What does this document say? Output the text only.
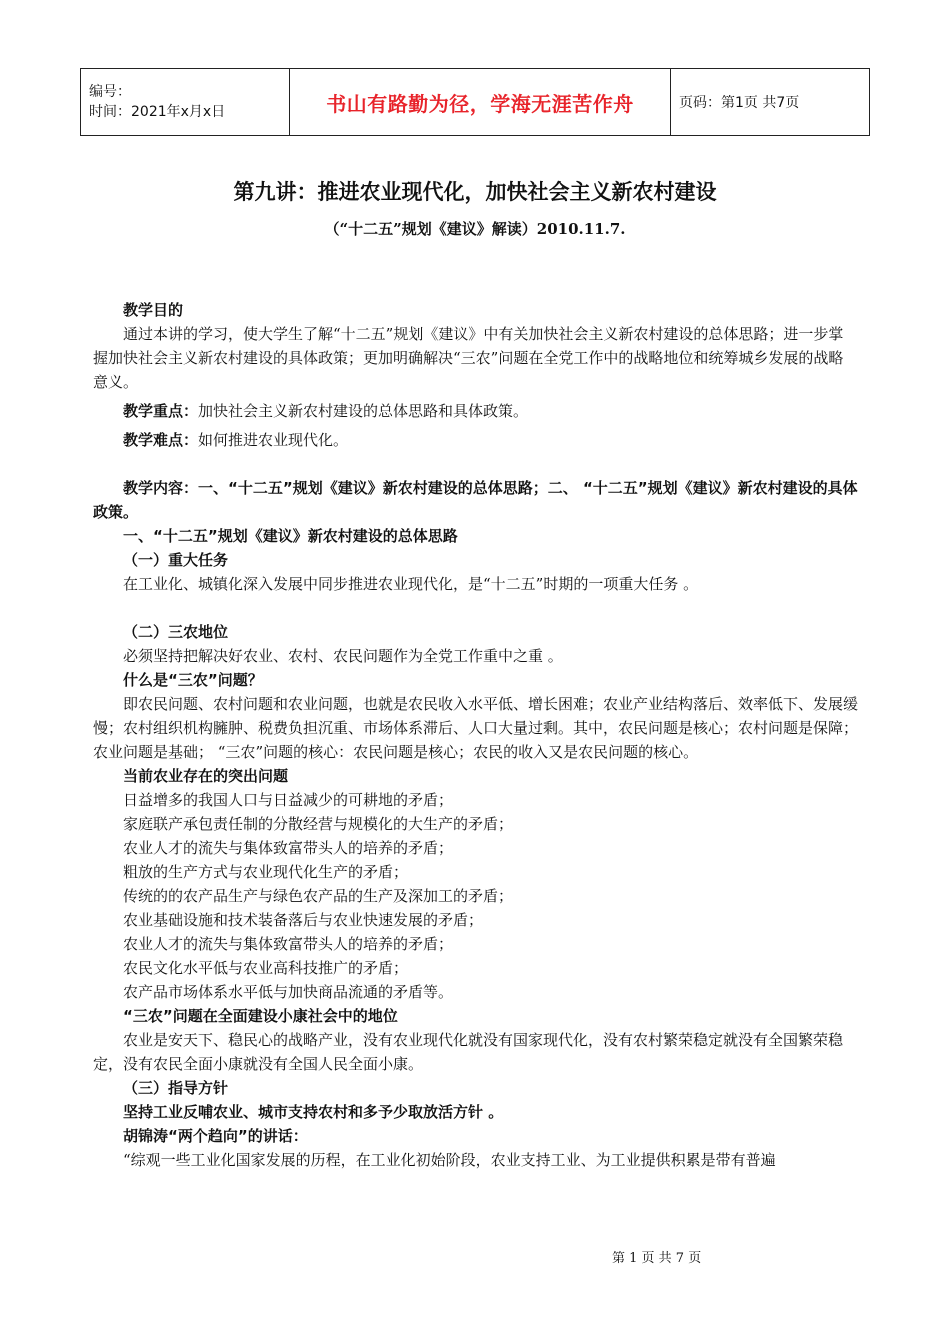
编号：
时间：2021年x月x日	书山有路勤为径，学海无涯苦作舟	页码：第1页 共7页
第九讲：推进农业现代化，加快社会主义新农村建设
（“十二五”规划《建议》解读）2010.11.7.

教学目的

通过本讲的学习，使大学生了解“十二五”规划《建议》中有关加快社会主义新农村建设的总体思路；进一步掌握加快社会主义新农村建设的具体政策；更加明确解决“三农”问题在全党工作中的战略地位和统筹城乡发展的战略意义。

教学重点：加快社会主义新农村建设的总体思路和具体政策。

教学难点：如何推进农业现代化。

教学内容：一、“十二五”规划《建议》新农村建设的总体思路；二、 “十二五”规划《建议》新农村建设的具体政策。

一、“十二五”规划《建议》新农村建设的总体思路

（一）重大任务

在工业化、城镇化深入发展中同步推进农业现代化，是“十二五”时期的一项重大任务 。

（二）三农地位

必须坚持把解决好农业、农村、农民问题作为全党工作重中之重 。

什么是“三农”问题？

即农民问题、农村问题和农业问题，也就是农民收入水平低、增长困难；农业产业结构落后、效率低下、发展缓慢；农村组织机构臃肿、税费负担沉重、市场体系滞后、人口大量过剩。其中，农民问题是核心；农村问题是保障；农业问题是基础； “三农”问题的核心：农民问题是核心；农民的收入又是农民问题的核心。

当前农业存在的突出问题

日益增多的我国人口与日益减少的可耕地的矛盾；

家庭联产承包责任制的分散经营与规模化的大生产的矛盾；

农业人才的流失与集体致富带头人的培养的矛盾；

粗放的生产方式与农业现代化生产的矛盾；

传统的的农产品生产与绿色农产品的生产及深加工的矛盾；

农业基础设施和技术装备落后与农业快速发展的矛盾；

农业人才的流失与集体致富带头人的培养的矛盾；

农民文化水平低与农业高科技推广的矛盾；

农产品市场体系水平低与加快商品流通的矛盾等。

“三农”问题在全面建设小康社会中的地位

农业是安天下、稳民心的战略产业，没有农业现代化就没有国家现代化，没有农村繁荣稳定就没有全国繁荣稳定，没有农民全面小康就没有全国人民全面小康。

（三）指导方针

坚持工业反哺农业、城市支持农村和多予少取放活方针 。

胡锦涛“两个趋向”的讲话：

“综观一些工业化国家发展的历程，在工业化初始阶段，农业支持工业、为工业提供积累是带有普遍

第 1 页 共 7 页
